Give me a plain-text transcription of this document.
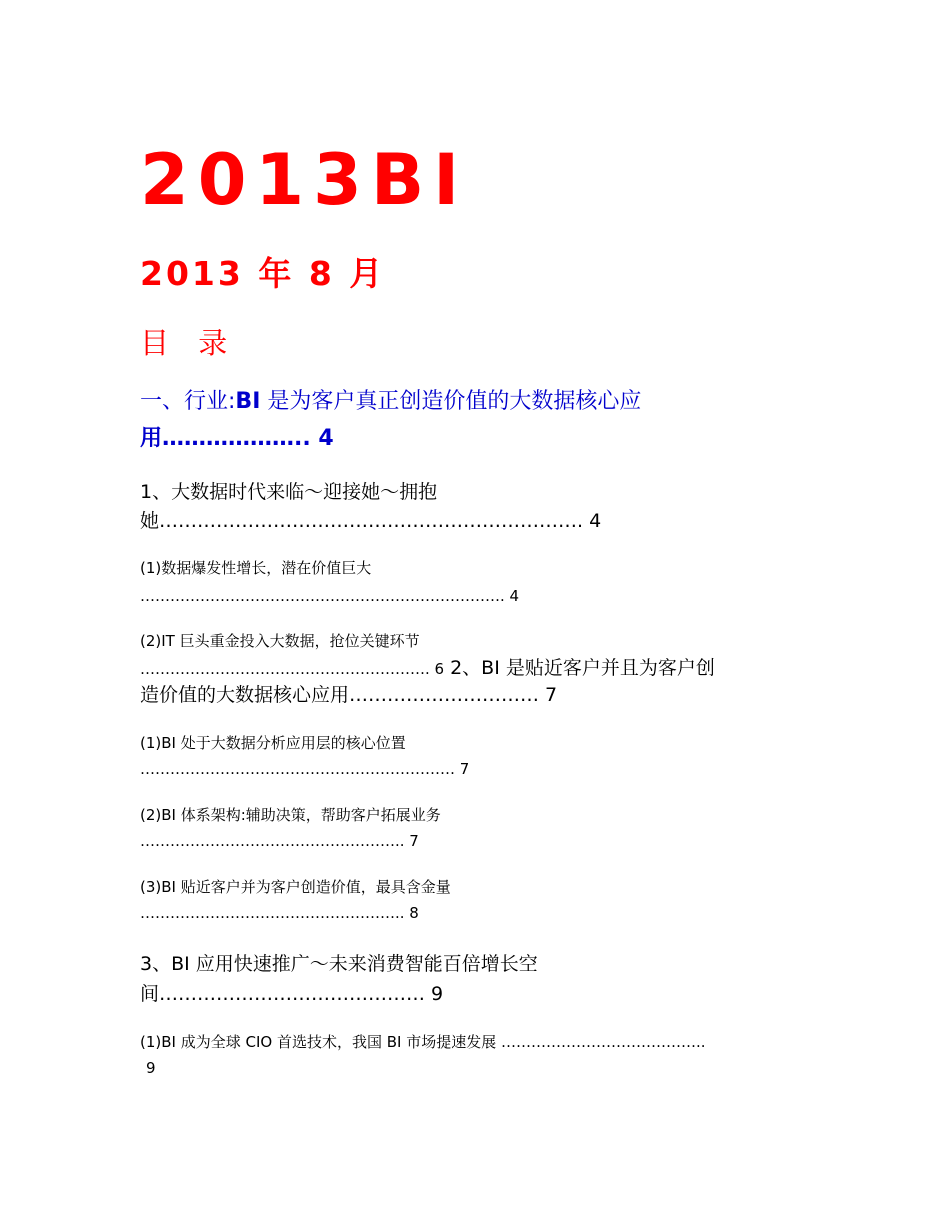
2013BI
2013 年 8 月
目 录
一、行业:BI 是为客户真正创造价值的大数据核心应
用……………….. 4
1、大数据时代来临～迎接她～拥抱
她…………………………………………………………. 4
(1)数据爆发性增长，潜在价值巨大
………………………………………………………………. 4
(2)IT 巨头重金投入大数据，抢位关键环节
…………………………………………………. 6 2、BI 是贴近客户并且为客户创
造价值的大数据核心应用………………………… 7
(1)BI 处于大数据分析应用层的核心位置
……………………………………………………… 7
(2)BI 体系架构:辅助决策，帮助客户拓展业务
…………………………………………….. 7
(3)BI 贴近客户并为客户创造价值，最具含金量
…………………………………………….. 8
3、BI 应用快速推广～未来消费智能百倍增长空
间…………………………………… 9
(1)BI 成为全球 CIO 首选技术，我国 BI 市场提速发展 …………………………………..
9
